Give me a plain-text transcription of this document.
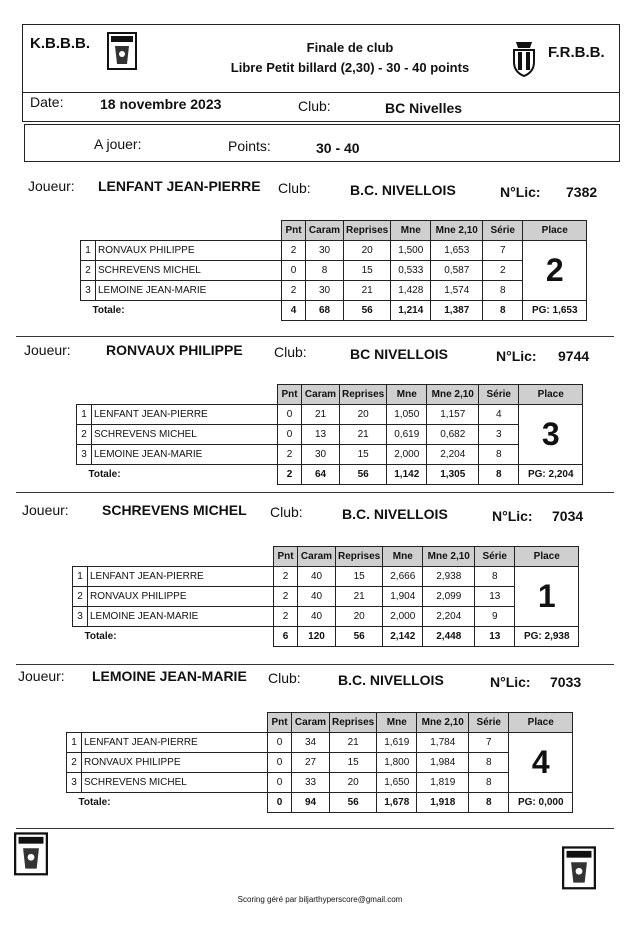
K.B.B.B.	Finale de club
Libre Petit billard (2,30) - 30 - 40 points
F.R.B.B.
Date:	18 novembre 2023	Club:	BC Nivelles
A jouer:	Points:	30 - 40
Joueur: LENFANT JEAN-PIERRE Club:	B.C. NIVELLOIS	N°Lic: 7382
		Pnt	Caram	Reprises	Mne	Mne 2,10	Série	Place
1	RONVAUX PHILIPPE	2	30	20	1,500	1,653	7	2
2	SCHREVENS MICHEL	0	8	15	0,533	0,587	2	
3	LEMOINE JEAN-MARIE	2	30	21	1,428	1,574	8	
Totale:		4	68	56	1,214	1,387	8	PG: 1,653
Joueur:	RONVAUX PHILIPPE Club:	BC NIVELLOIS	N°Lic: 9744
		Pnt	Caram	Reprises	Mne	Mne 2,10	Série	Place
1	LENFANT JEAN-PIERRE	0	21	20	1,050	1,157	4	3
2	SCHREVENS MICHEL	0	13	21	0,619	0,682	3	
3	LEMOINE JEAN-MARIE	2	30	15	2,000	2,204	8	
Totale:		2	64	56	1,142	1,305	8	PG: 2,204
Joueur: SCHREVENS MICHEL Club:	B.C. NIVELLOIS	N°Lic: 7034
		Pnt	Caram	Reprises	Mne	Mne 2,10	Série	Place
1	LENFANT JEAN-PIERRE	2	40	15	2,666	2,938	8	1
2	RONVAUX PHILIPPE	2	40	21	1,904	2,099	13	
3	LEMOINE JEAN-MARIE	2	40	20	2,000	2,204	9	
Totale:		6	120	56	2,142	2,448	13	PG: 2,938
Joueur: LEMOINE JEAN-MARIE Club:	B.C. NIVELLOIS	N°Lic: 7033
		Pnt	Caram	Reprises	Mne	Mne 2,10	Série	Place
1	LENFANT JEAN-PIERRE	0	34	21	1,619	1,784	7	4
2	RONVAUX PHILIPPE	0	27	15	1,800	1,984	8	
3	SCHREVENS MICHEL	0	33	20	1,650	1,819	8	
Totale:		0	94	56	1,678	1,918	8	PG: 0,000
Scoring géré par biljarthyperscore@gmail.com
